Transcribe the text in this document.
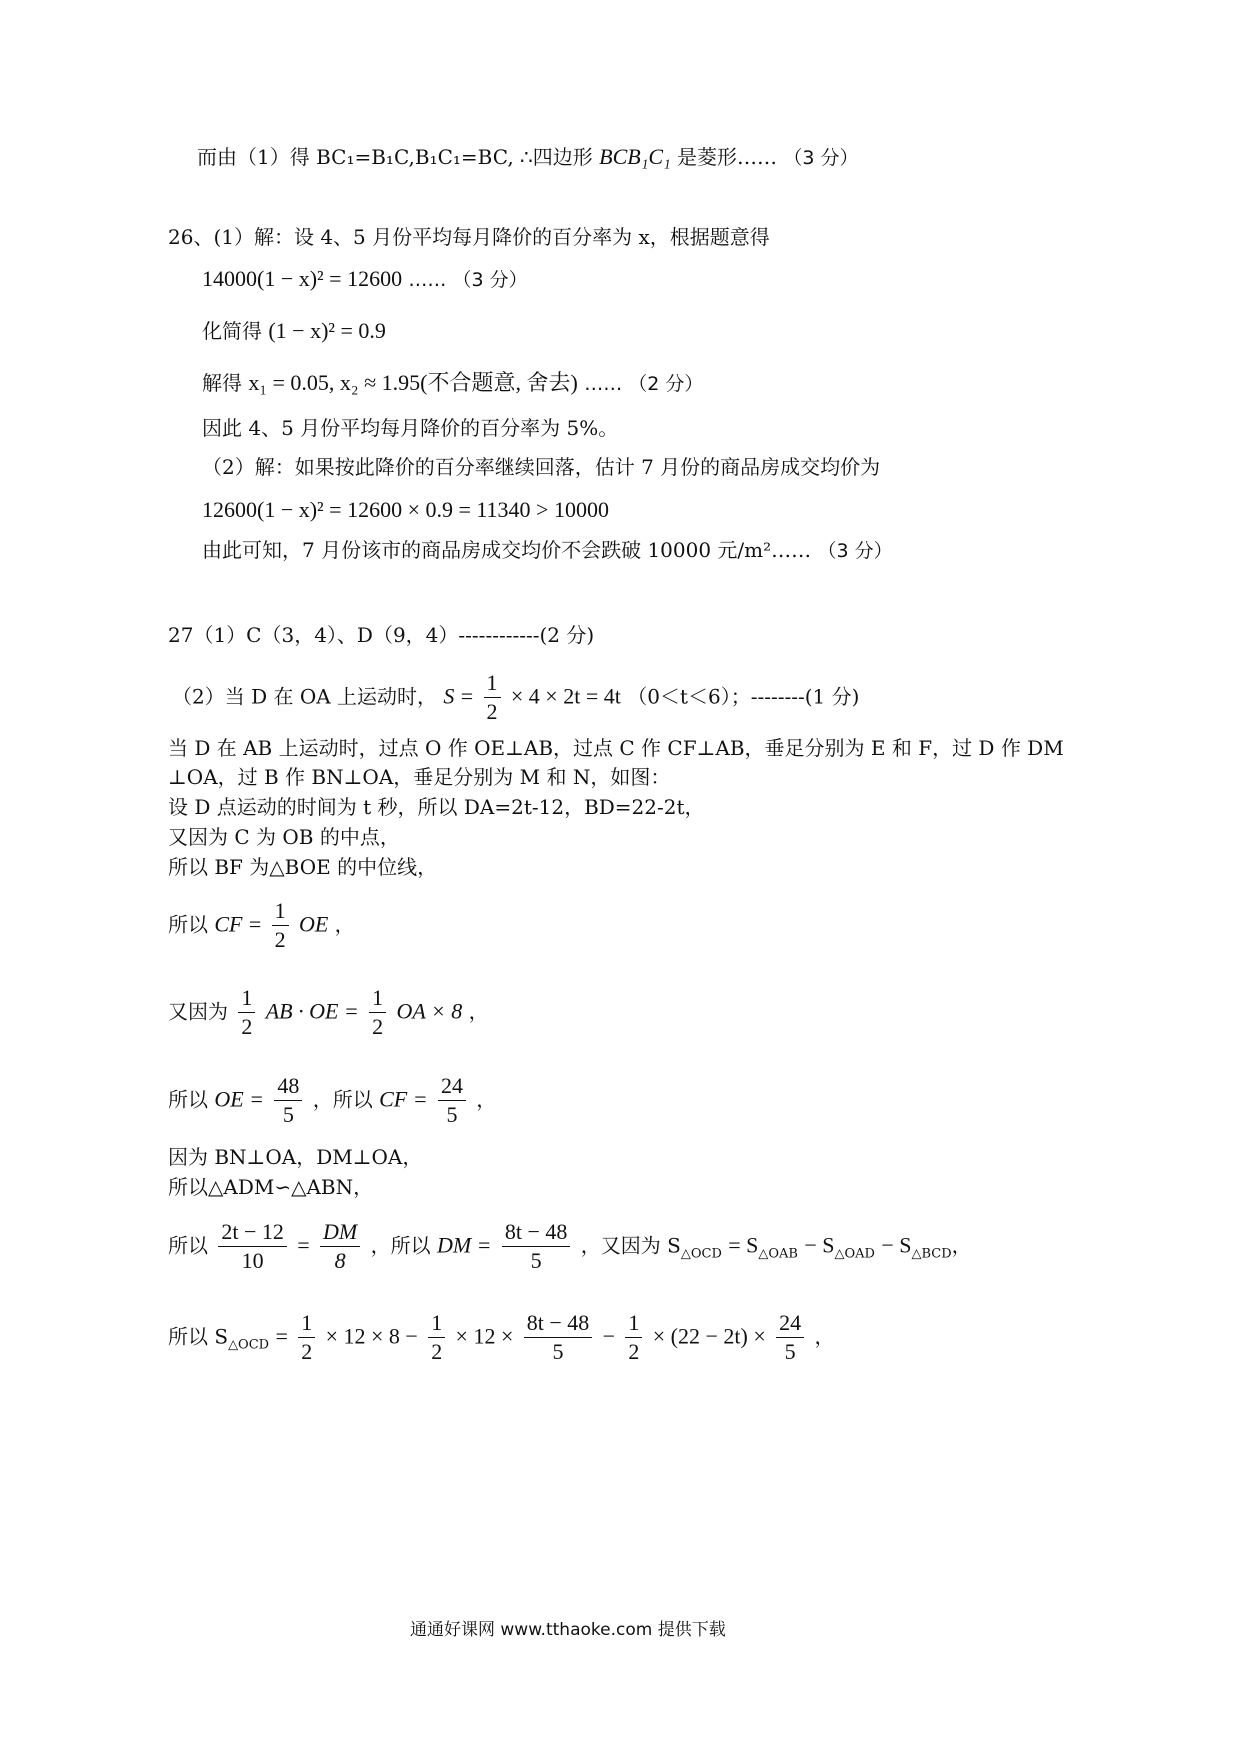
而由（1）得 BC₁=B₁C,B₁C₁=BC, ∴四边形 BCB₁C₁ 是菱形…… （3 分）
26、(1）解：设 4、5 月份平均每月降价的百分率为 x，根据题意得
14000(1 − x)² = 12600 …… （3 分）
化简得 (1 − x)² = 0.9
解得 x₁ = 0.05, x₂ ≈ 1.95(不合题意, 舍去) …… （2 分）
因此 4、5 月份平均每月降价的百分率为 5%。
（2）解：如果按此降价的百分率继续回落，估计 7 月份的商品房成交均价为
12600(1 − x)² = 12600 × 0.9 = 11340 > 10000
由此可知，7 月份该市的商品房成交均价不会跌破 10000 元/m²…… （3 分）
27（1）C（3，4）、D（9，4）------------(2 分)
（2）当 D 在 OA 上运动时， $S = \frac{1}{2} \times 4 \times 2t = 4t$ （0＜t＜6）；--------(1 分)
当 D 在 AB 上运动时，过点 O 作 OE⊥AB，过点 C 作 CF⊥AB，垂足分别为 E 和 F，过 D 作 DM
⊥OA，过 B 作 BN⊥OA，垂足分别为 M 和 N，如图：
设 D 点运动的时间为 t 秒，所以 DA=2t-12，BD=22-2t，
又因为 C 为 OB 的中点，
所以 BF 为△BOE 的中位线，
所以 CF = $\frac{1}{2}$ OE ，
又因为 $\frac{1}{2}$ AB · OE = $\frac{1}{2}$ OA × 8 ，
所以 OE = $\frac{48}{5}$ ，所以 CF = $\frac{24}{5}$ ，
因为 BN⊥OA，DM⊥OA，
所以△ADM∽△ABN，
所以 $\frac{2t - 12}{10} = \frac{DM}{8}$ ，所以 DM = $\frac{8t - 48}{5}$ ，又因为 $S_{\triangle OCD} = S_{\triangle OAB} - S_{\triangle OAD} - S_{\triangle BCD}$，
所以 $S_{\triangle OCD} = \frac{1}{2} \times 12 \times 8 - \frac{1}{2} \times 12 \times \frac{8t - 48}{5} - \frac{1}{2} \times (22 - 2t) \times \frac{24}{5}$ ，
通通好课网 www.tthaoke.com 提供下载
